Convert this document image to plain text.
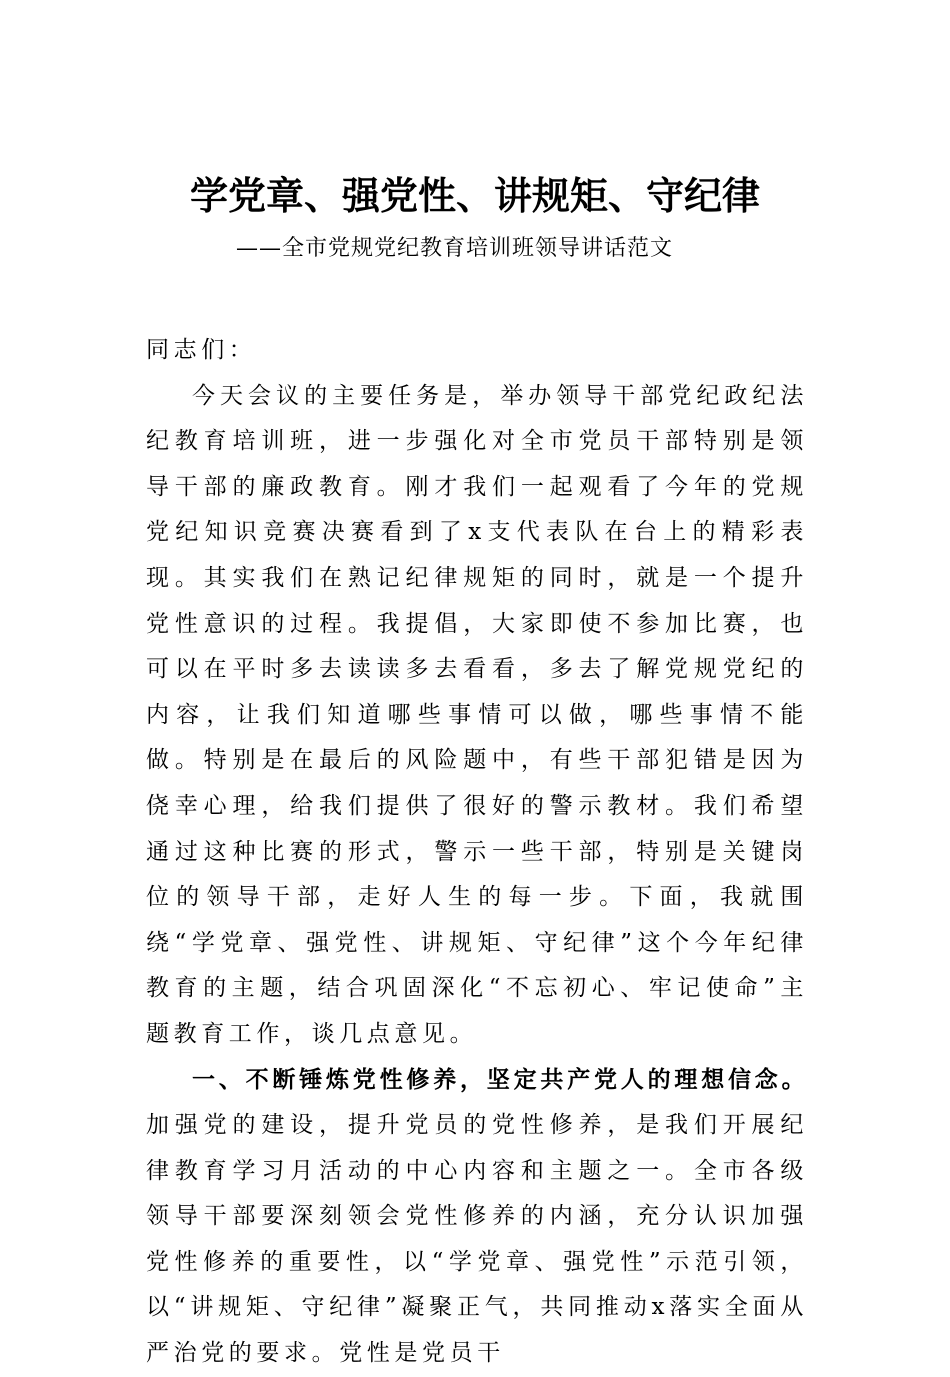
学党章、强党性、讲规矩、守纪律
——全市党规党纪教育培训班领导讲话范文

同志们：

今天会议的主要任务是，举办领导干部党纪政纪法纪教育培训班，进一步强化对全市党员干部特别是领导干部的廉政教育。刚才我们一起观看了今年的党规党纪知识竞赛决赛看到了x支代表队在台上的精彩表现。其实我们在熟记纪律规矩的同时，就是一个提升党性意识的过程。我提倡，大家即使不参加比赛，也可以在平时多去读读多去看看，多去了解党规党纪的内容，让我们知道哪些事情可以做，哪些事情不能做。特别是在最后的风险题中，有些干部犯错是因为侥幸心理，给我们提供了很好的警示教材。我们希望通过这种比赛的形式，警示一些干部，特别是关键岗位的领导干部，走好人生的每一步。下面，我就围绕“学党章、强党性、讲规矩、守纪律”这个今年纪律教育的主题，结合巩固深化“不忘初心、牢记使命”主题教育工作，谈几点意见。

一、不断锤炼党性修养，坚定共产党人的理想信念。加强党的建设，提升党员的党性修养，是我们开展纪律教育学习月活动的中心内容和主题之一。全市各级领导干部要深刻领会党性修养的内涵，充分认识加强党性修养的重要性，以“学党章、强党性”示范引领，以“讲规矩、守纪律”凝聚正气，共同推动x落实全面从严治党的要求。党性是党员干
